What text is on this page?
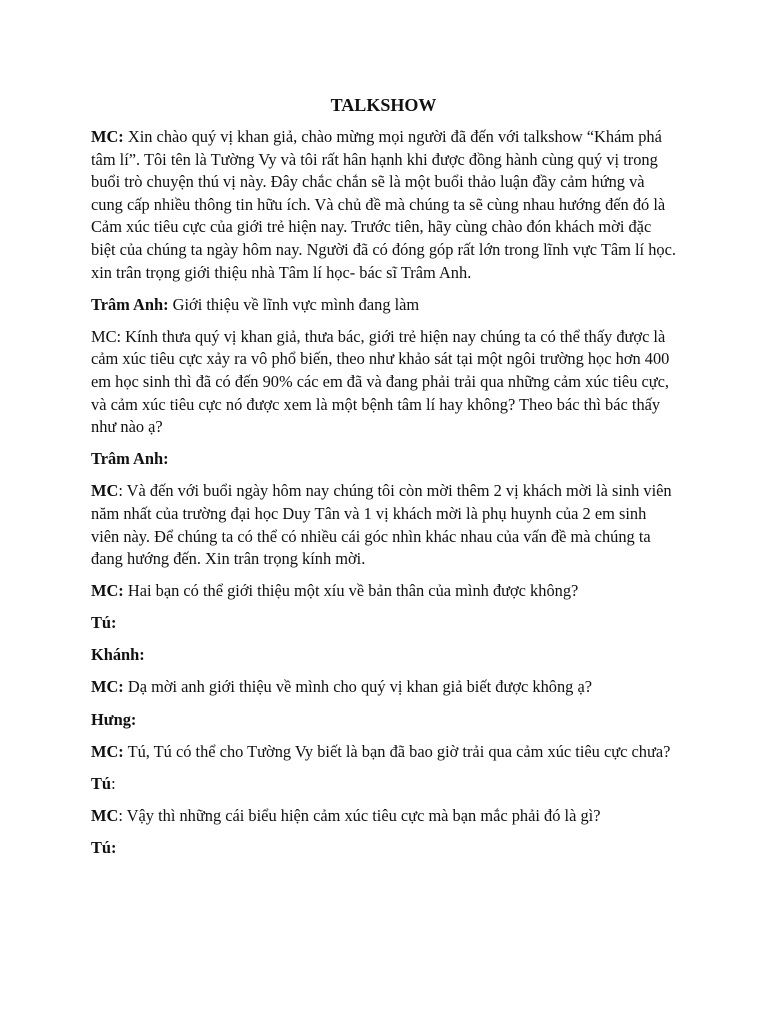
TALKSHOW

MC: Xin chào quý vị khan giả, chào mừng mọi người đã đến với talkshow “Khám phá tâm lí”. Tôi tên là Tường Vy và tôi rất hân hạnh khi được đồng hành cùng quý vị trong buổi trò chuyện thú vị này. Đây chắc chắn sẽ là một buổi thảo luận đầy cảm hứng và cung cấp nhiều thông tin hữu ích. Và chủ đề mà chúng ta sẽ cùng nhau hướng đến đó là Cảm xúc tiêu cực của giới trẻ hiện nay. Trước tiên, hãy cùng chào đón khách mời đặc biệt của chúng ta ngày hôm nay. Người đã có đóng góp rất lớn trong lĩnh vực Tâm lí học. xin trân trọng giới thiệu nhà Tâm lí học- bác sĩ Trâm Anh.

Trâm Anh: Giới thiệu về lĩnh vực mình đang làm

MC: Kính thưa quý vị khan giả, thưa bác, giới trẻ hiện nay chúng ta có thể thấy được là cảm xúc tiêu cực xảy ra vô phổ biến, theo như khảo sát tại một ngôi trường học hơn 400 em học sinh thì đã có đến 90% các em đã và đang phải trải qua những cảm xúc tiêu cực, và cảm xúc tiêu cực nó được xem là một bệnh tâm lí hay không? Theo bác thì bác thấy như nào ạ?

Trâm Anh:

MC: Và đến với buổi ngày hôm nay chúng tôi còn mời thêm 2 vị khách mời là sinh viên năm nhất của trường đại học Duy Tân và 1 vị khách mời là phụ huynh của 2 em sinh viên này. Để chúng ta có thể có nhiều cái góc nhìn khác nhau của vấn đề mà chúng ta đang hướng đến. Xin trân trọng kính mời.

MC: Hai bạn có thể giới thiệu một xíu về bản thân của mình được không?

Tú:

Khánh:

MC: Dạ mời anh giới thiệu về mình cho quý vị khan giả biết được không ạ?

Hưng:

MC: Tú, Tú có thể cho Tường Vy biết là bạn đã bao giờ trải qua cảm xúc tiêu cực chưa?

Tú:

MC: Vậy thì những cái biểu hiện cảm xúc tiêu cực mà bạn mắc phải đó là gì?

Tú:
